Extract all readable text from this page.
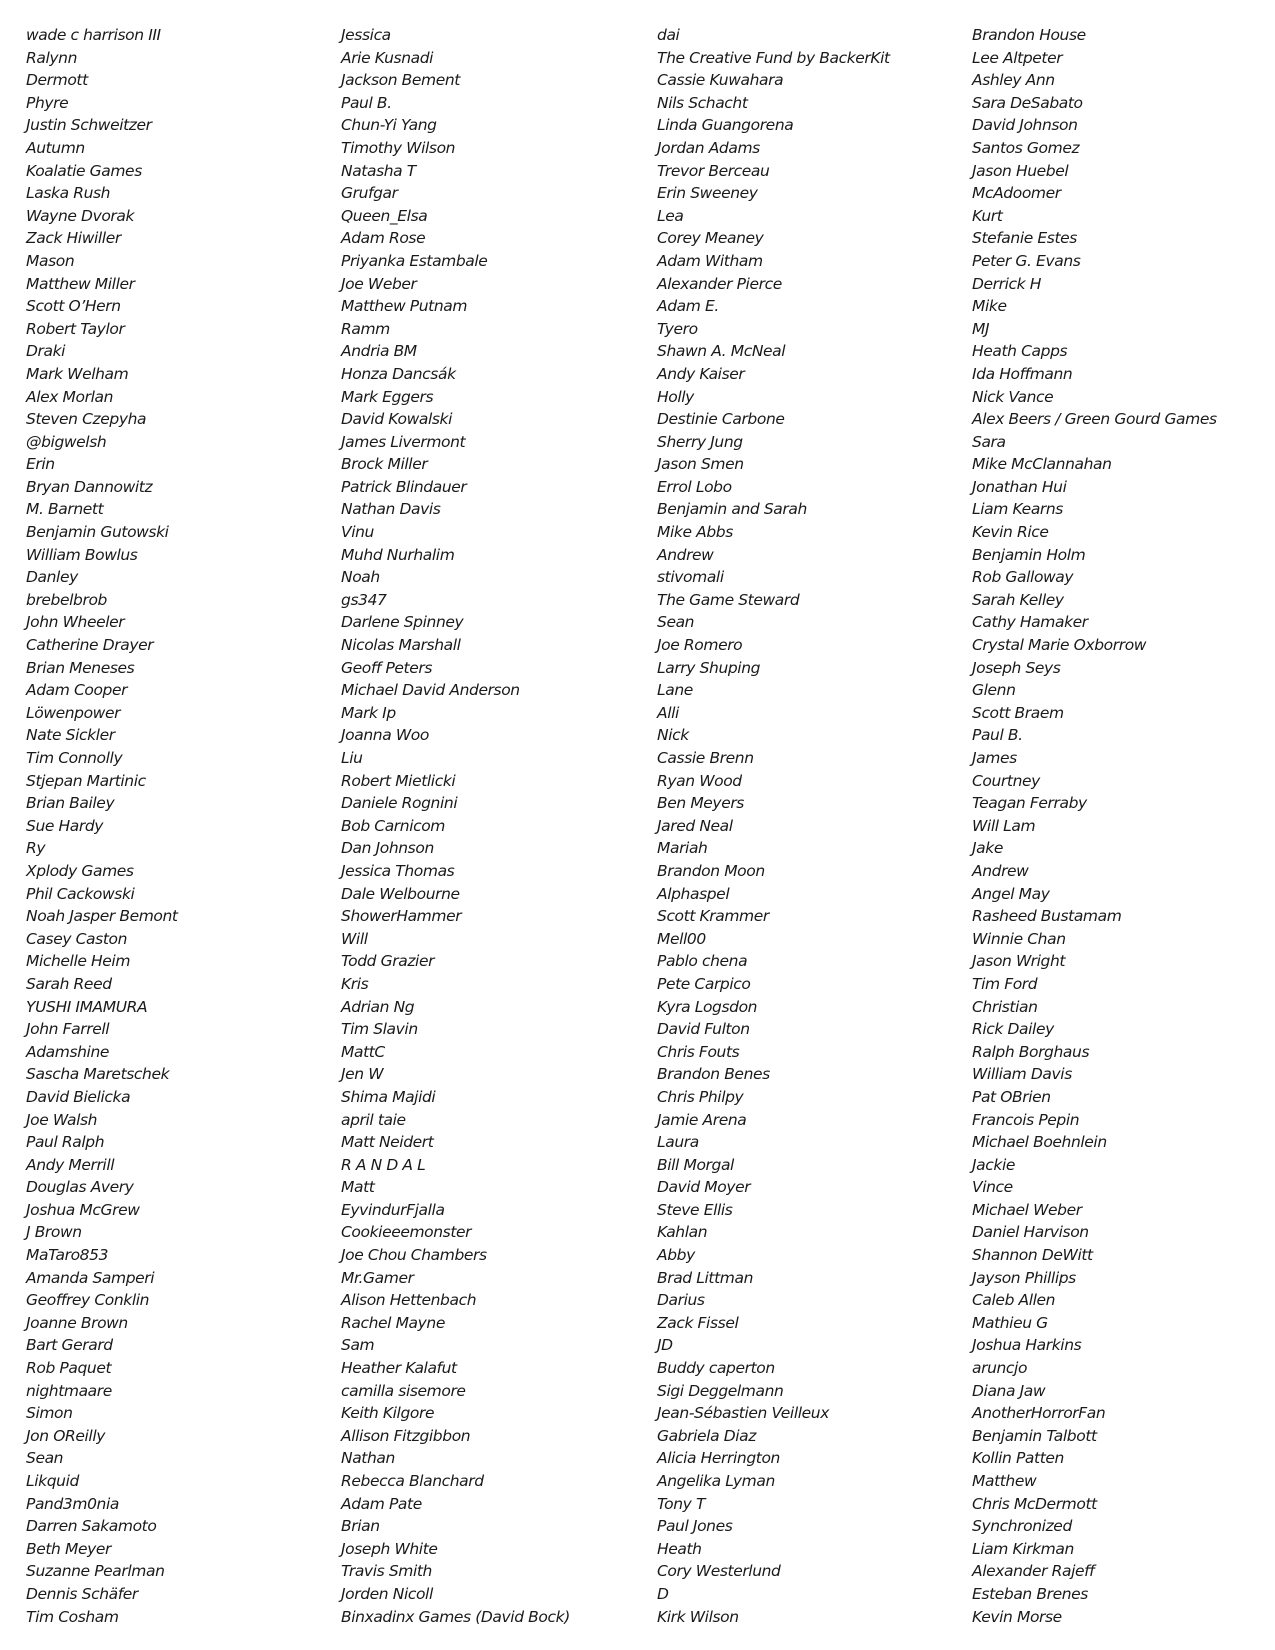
wade c harrison III
Ralynn
Dermott
Phyre
Justin Schweitzer
Autumn
Koalatie Games
Laska Rush
Wayne Dvorak
Zack Hiwiller
Mason
Matthew Miller
Scott O’Hern
Robert Taylor
Draki
Mark Welham
Alex Morlan
Steven Czepyha
@bigwelsh
Erin
Bryan Dannowitz
M. Barnett
Benjamin Gutowski
William Bowlus
Danley
brebelbrob
John Wheeler
Catherine Drayer
Brian Meneses
Adam Cooper
Löwenpower
Nate Sickler
Tim Connolly
Stjepan Martinic
Brian Bailey
Sue Hardy
Ry
Xplody Games
Phil Cackowski
Noah Jasper Bemont
Casey Caston
Michelle Heim
Sarah Reed
YUSHI IMAMURA
John Farrell
Adamshine
Sascha Maretschek
David Bielicka
Joe Walsh
Paul Ralph
Andy Merrill
Douglas Avery
Joshua McGrew
J Brown
MaTaro853
Amanda Samperi
Geoffrey Conklin
Joanne Brown
Bart Gerard
Rob Paquet
nightmaare
Simon
Jon OReilly
Sean
Likquid
Pand3m0nia
Darren Sakamoto
Beth Meyer
Suzanne Pearlman
Dennis Schäfer
Tim Cosham
Jessica
Arie Kusnadi
Jackson Bement
Paul B.
Chun-Yi Yang
Timothy Wilson
Natasha T
Grufgar
Queen_Elsa
Adam Rose
Priyanka Estambale
Joe Weber
Matthew Putnam
Ramm
Andria BM
Honza Dancsák
Mark Eggers
David Kowalski
James Livermont
Brock Miller
Patrick Blindauer
Nathan Davis
Vinu
Muhd Nurhalim
Noah
gs347
Darlene Spinney
Nicolas Marshall
Geoff Peters
Michael David Anderson
Mark Ip
Joanna Woo
Liu
Robert Mietlicki
Daniele Rognini
Bob Carnicom
Dan Johnson
Jessica Thomas
Dale Welbourne
ShowerHammer
Will
Todd Grazier
Kris
Adrian Ng
Tim Slavin
MattC
Jen W
Shima Majidi
april taie
Matt Neidert
R A N D A L
Matt
EyvindurFjalla
Cookieeemonster
Joe Chou Chambers
Mr.Gamer
Alison Hettenbach
Rachel Mayne
Sam
Heather Kalafut
camilla sisemore
Keith Kilgore
Allison Fitzgibbon
Nathan
Rebecca Blanchard
Adam Pate
Brian
Joseph White
Travis Smith
Jorden Nicoll
Binxadinx Games (David Bock)
dai
The Creative Fund by BackerKit
Cassie Kuwahara
Nils Schacht
Linda Guangorena
Jordan Adams
Trevor Berceau
Erin Sweeney
Lea
Corey Meaney
Adam Witham
Alexander Pierce
Adam E.
Tyero
Shawn A. McNeal
Andy Kaiser
Holly
Destinie Carbone
Sherry Jung
Jason Smen
Errol Lobo
Benjamin and Sarah
Mike Abbs
Andrew
stivomali
The Game Steward
Sean
Joe Romero
Larry Shuping
Lane
Alli
Nick
Cassie Brenn
Ryan Wood
Ben Meyers
Jared Neal
Mariah
Brandon Moon
Alphaspel
Scott Krammer
Mell00
Pablo chena
Pete Carpico
Kyra Logsdon
David Fulton
Chris Fouts
Brandon Benes
Chris Philpy
Jamie Arena
Laura
Bill Morgal
David Moyer
Steve Ellis
Kahlan
Abby
Brad Littman
Darius
Zack Fissel
JD
Buddy caperton
Sigi Deggelmann
Jean-Sébastien Veilleux
Gabriela Diaz
Alicia Herrington
Angelika Lyman
Tony T
Paul Jones
Heath
Cory Westerlund
D
Kirk Wilson
Brandon House
Lee Altpeter
Ashley Ann
Sara DeSabato
David Johnson
Santos Gomez
Jason Huebel
McAdoomer
Kurt
Stefanie Estes
Peter G. Evans
Derrick H
Mike
MJ
Heath Capps
Ida Hoffmann
Nick Vance
Alex Beers / Green Gourd Games
Sara
Mike McClannahan
Jonathan Hui
Liam Kearns
Kevin Rice
Benjamin Holm
Rob Galloway
Sarah Kelley
Cathy Hamaker
Crystal Marie Oxborrow
Joseph Seys
Glenn
Scott Braem
Paul B.
James
Courtney
Teagan Ferraby
Will Lam
Jake
Andrew
Angel May
Rasheed Bustamam
Winnie Chan
Jason Wright
Tim Ford
Christian
Rick Dailey
Ralph Borghaus
William Davis
Pat OBrien
Francois Pepin
Michael Boehnlein
Jackie
Vince
Michael Weber
Daniel Harvison
Shannon DeWitt
Jayson Phillips
Caleb Allen
Mathieu G
Joshua Harkins
aruncjo
Diana Jaw
AnotherHorrorFan
Benjamin Talbott
Kollin Patten
Matthew
Chris McDermott
Synchronized
Liam Kirkman
Alexander Rajeff
Esteban Brenes
Kevin Morse
